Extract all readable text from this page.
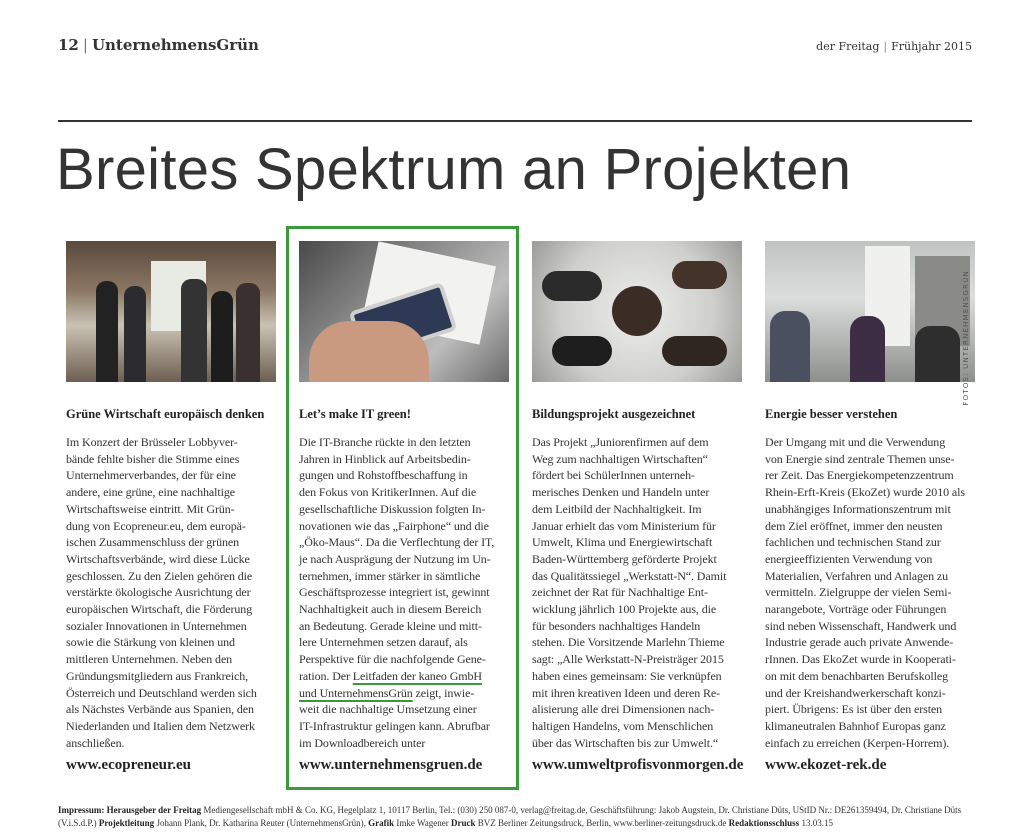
12 | UnternehmensGrün	der Freitag | Frühjahr 2015
Breites Spektrum an Projekten
Grüne Wirtschaft europäisch denken
Im Konzert der Brüsseler Lobbyver-
bände fehlte bisher die Stimme eines
Unternehmerverbandes, der für eine
andere, eine grüne, eine nachhaltige
Wirtschaftsweise eintritt. Mit Grün-
dung von Ecopreneur.eu, dem europä-
ischen Zusammenschluss der grünen
Wirtschaftsverbände, wird diese Lücke
geschlossen. Zu den Zielen gehören die
verstärkte ökologische Ausrichtung der
europäischen Wirtschaft, die Förderung
sozialer Innovationen in Unternehmen
sowie die Stärkung von kleinen und
mittleren Unternehmen. Neben den
Gründungsmitgliedern aus Frankreich,
Österreich und Deutschland werden sich
als Nächstes Verbände aus Spanien, den
Niederlanden und Italien dem Netzwerk
anschließen.
www.ecopreneur.eu
Let’s make IT green!
Die IT-Branche rückte in den letzten
Jahren in Hinblick auf Arbeitsbedin-
gungen und Rohstoffbeschaffung in
den Fokus von KritikerInnen. Auf die
gesellschaftliche Diskussion folgten In-
novationen wie das „Fairphone“ und die
„Öko-Maus“. Da die Verflechtung der IT,
je nach Ausprägung der Nutzung im Un-
ternehmen, immer stärker in sämtliche
Geschäftsprozesse integriert ist, gewinnt
Nachhaltigkeit auch in diesem Bereich
an Bedeutung. Gerade kleine und mitt-
lere Unternehmen setzen darauf, als
Perspektive für die nachfolgende Gene-
ration. Der Leitfaden der kaneo GmbH
und UnternehmensGrün zeigt, inwie-
weit die nachhaltige Umsetzung einer
IT-Infrastruktur gelingen kann. Abrufbar
im Downloadbereich unter
www.unternehmensgruen.de
Bildungsprojekt ausgezeichnet
Das Projekt „Juniorenfirmen auf dem
Weg zum nachhaltigen Wirtschaften“
fördert bei SchülerInnen unterneh-
merisches Denken und Handeln unter
dem Leitbild der Nachhaltigkeit. Im
Januar erhielt das vom Ministerium für
Umwelt, Klima und Energiewirtschaft
Baden-Württemberg geförderte Projekt
das Qualitätssiegel „Werkstatt-N“. Damit
zeichnet der Rat für Nachhaltige Ent-
wicklung jährlich 100 Projekte aus, die
für besonders nachhaltiges Handeln
stehen. Die Vorsitzende Marlehn Thieme
sagt: „Alle Werkstatt-N-Preisträger 2015
haben eines gemeinsam: Sie verknüpfen
mit ihren kreativen Ideen und deren Re-
alisierung alle drei Dimensionen nach-
haltigen Handelns, vom Menschlichen
über das Wirtschaften bis zur Umwelt.“
www.umweltprofisvonmorgen.de
Energie besser verstehen
Der Umgang mit und die Verwendung
von Energie sind zentrale Themen unse-
rer Zeit. Das Energiekompetenzzentrum
Rhein-Erft-Kreis (EkoZet) wurde 2010 als
unabhängiges Informationszentrum mit
dem Ziel eröffnet, immer den neusten
fachlichen und technischen Stand zur
energieeffizienten Verwendung von
Materialien, Verfahren und Anlagen zu
vermitteln. Zielgruppe der vielen Semi-
narangebote, Vorträge oder Führungen
sind neben Wissenschaft, Handwerk und
Industrie gerade auch private Anwende-
rInnen. Das EkoZet wurde in Kooperati-
on mit dem benachbarten Berufskolleg
und der Kreishandwerkerschaft konzi-
piert. Übrigens: Es ist über den ersten
klimaneutralen Bahnhof Europas ganz
einfach zu erreichen (Kerpen-Horrem).
www.ekozet-rek.de
Impressum: Herausgeber der Freitag Mediengesellschaft mbH & Co. KG, Hegelplatz 1, 10117 Berlin, Tel.: (030) 250 087-0, verlag@freitag.de, Geschäftsführung: Jakob Augstein, Dr. Christiane Düts, UStID Nr.: DE261359494, Dr. Christiane Düts (V.i.S.d.P.) Projektleitung Johann Plank, Dr. Katharina Reuter (UnternehmensGrün), Grafik Imke Wagener Druck BVZ Berliner Zeitungsdruck, Berlin, www.berliner-zeitungsdruck.de Redaktionsschluss 13.03.15
FOTOS: UNTERNEHMENSGRÜN
